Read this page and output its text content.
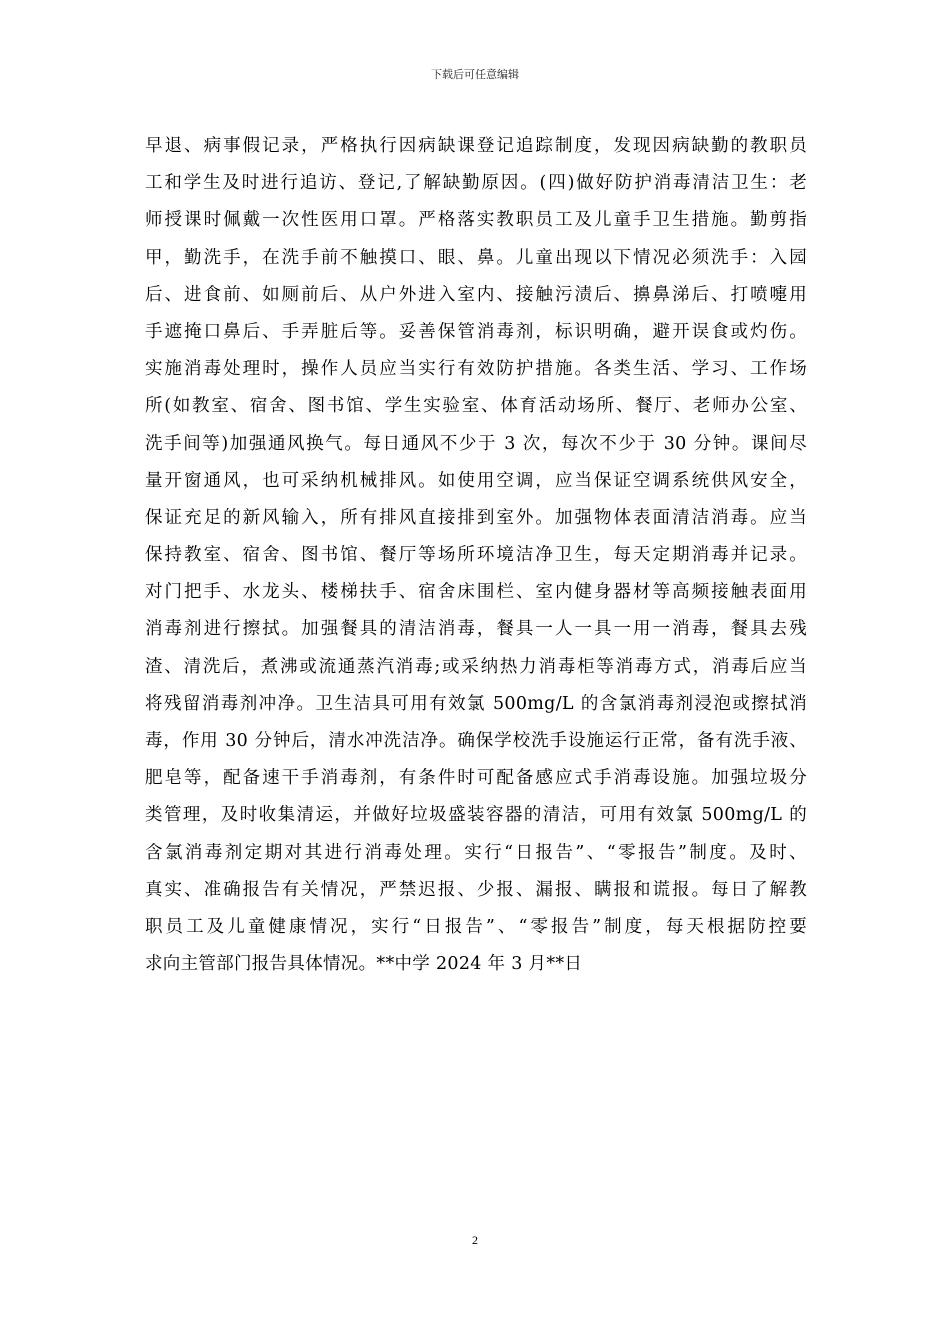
下载后可任意编辑
早退、病事假记录，严格执行因病缺课登记追踪制度，发现因病缺勤的教职员
工和学生及时进行追访、登记,了解缺勤原因。(四)做好防护消毒清洁卫生：老
师授课时佩戴一次性医用口罩。严格落实教职员工及儿童手卫生措施。勤剪指
甲，勤洗手，在洗手前不触摸口、眼、鼻。儿童出现以下情况必须洗手：入园
后、进食前、如厕前后、从户外进入室内、接触污渍后、擤鼻涕后、打喷嚏用
手遮掩口鼻后、手弄脏后等。妥善保管消毒剂，标识明确，避开误食或灼伤。
实施消毒处理时，操作人员应当实行有效防护措施。各类生活、学习、工作场
所(如教室、宿舍、图书馆、学生实验室、体育活动场所、餐厅、老师办公室、
洗手间等)加强通风换气。每日通风不少于 3 次，每次不少于 30 分钟。课间尽
量开窗通风，也可采纳机械排风。如使用空调，应当保证空调系统供风安全，
保证充足的新风输入，所有排风直接排到室外。加强物体表面清洁消毒。应当
保持教室、宿舍、图书馆、餐厅等场所环境洁净卫生，每天定期消毒并记录。
对门把手、水龙头、楼梯扶手、宿舍床围栏、室内健身器材等高频接触表面用
消毒剂进行擦拭。加强餐具的清洁消毒，餐具一人一具一用一消毒，餐具去残
渣、清洗后，煮沸或流通蒸汽消毒;或采纳热力消毒柜等消毒方式，消毒后应当
将残留消毒剂冲净。卫生洁具可用有效氯 500mg/L 的含氯消毒剂浸泡或擦拭消
毒，作用 30 分钟后，清水冲洗洁净。确保学校洗手设施运行正常，备有洗手液、
肥皂等，配备速干手消毒剂，有条件时可配备感应式手消毒设施。加强垃圾分
类管理，及时收集清运，并做好垃圾盛装容器的清洁，可用有效氯 500mg/L 的
含氯消毒剂定期对其进行消毒处理。实行“日报告”、“零报告”制度。及时、
真实、准确报告有关情况，严禁迟报、少报、漏报、瞒报和谎报。每日了解教
职员工及儿童健康情况，实行“日报告”、“零报告”制度，每天根据防控要
求向主管部门报告具体情况。**中学 2024 年 3 月**日
2
